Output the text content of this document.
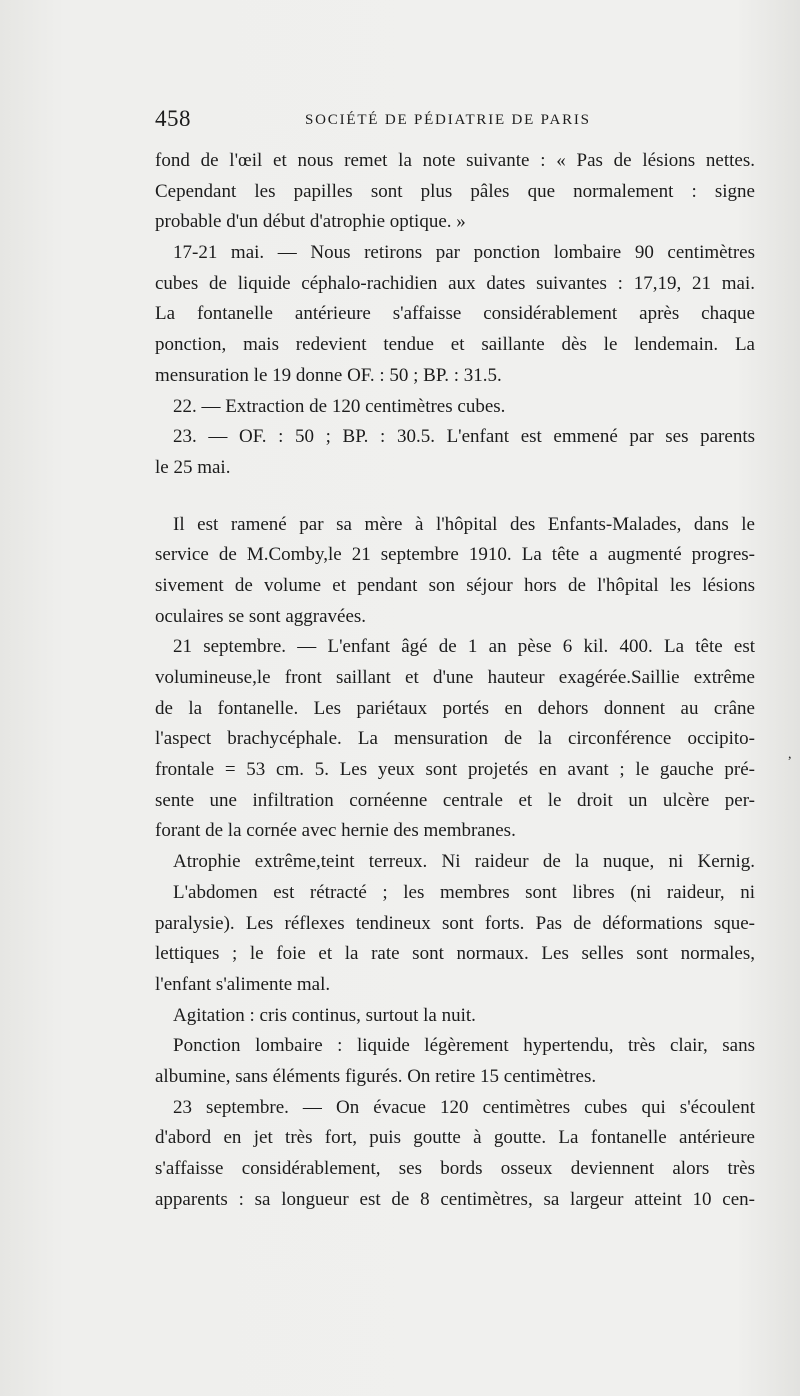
458	SOCIÉTÉ DE PÉDIATRIE DE PARIS
fond de l'œil et nous remet la note suivante : « Pas de lésions nettes.
Cependant les papilles sont plus pâles que normalement : signe
probable d'un début d'atrophie optique. »
17-21 mai. — Nous retirons par ponction lombaire 90 centimètres
cubes de liquide céphalo-rachidien aux dates suivantes : 17,19, 21 mai.
La fontanelle antérieure s'affaisse considérablement après chaque
ponction, mais redevient tendue et saillante dès le lendemain. La
mensuration le 19 donne OF. : 50 ; BP. : 31.5.
22. — Extraction de 120 centimètres cubes.
23. — OF. : 50 ; BP. : 30.5. L'enfant est emmené par ses parents
le 25 mai.
Il est ramené par sa mère à l'hôpital des Enfants-Malades, dans le
service de M.Comby,le 21 septembre 1910. La tête a augmenté progres-
sivement de volume et pendant son séjour hors de l'hôpital les lésions
oculaires se sont aggravées.
21 septembre. — L'enfant âgé de 1 an pèse 6 kil. 400. La tête est
volumineuse,le front saillant et d'une hauteur exagérée.Saillie extrême
de la fontanelle. Les pariétaux portés en dehors donnent au crâne
l'aspect brachycéphale. La mensuration de la circonférence occipito-
frontale = 53 cm. 5. Les yeux sont projetés en avant ; le gauche pré-
sente une infiltration cornéenne centrale et le droit un ulcère per-
forant de la cornée avec hernie des membranes.
Atrophie extrême,teint terreux. Ni raideur de la nuque, ni Kernig.
L'abdomen est rétracté ; les membres sont libres (ni raideur, ni
paralysie). Les réflexes tendineux sont forts. Pas de déformations sque-
lettiques ; le foie et la rate sont normaux. Les selles sont normales,
l'enfant s'alimente mal.
Agitation : cris continus, surtout la nuit.
Ponction lombaire : liquide légèrement hypertendu, très clair, sans
albumine, sans éléments figurés. On retire 15 centimètres.
23 septembre. — On évacue 120 centimètres cubes qui s'écoulent
d'abord en jet très fort, puis goutte à goutte. La fontanelle antérieure
s'affaisse considérablement, ses bords osseux deviennent alors très
apparents : sa longueur est de 8 centimètres, sa largeur atteint 10 cen-
,
